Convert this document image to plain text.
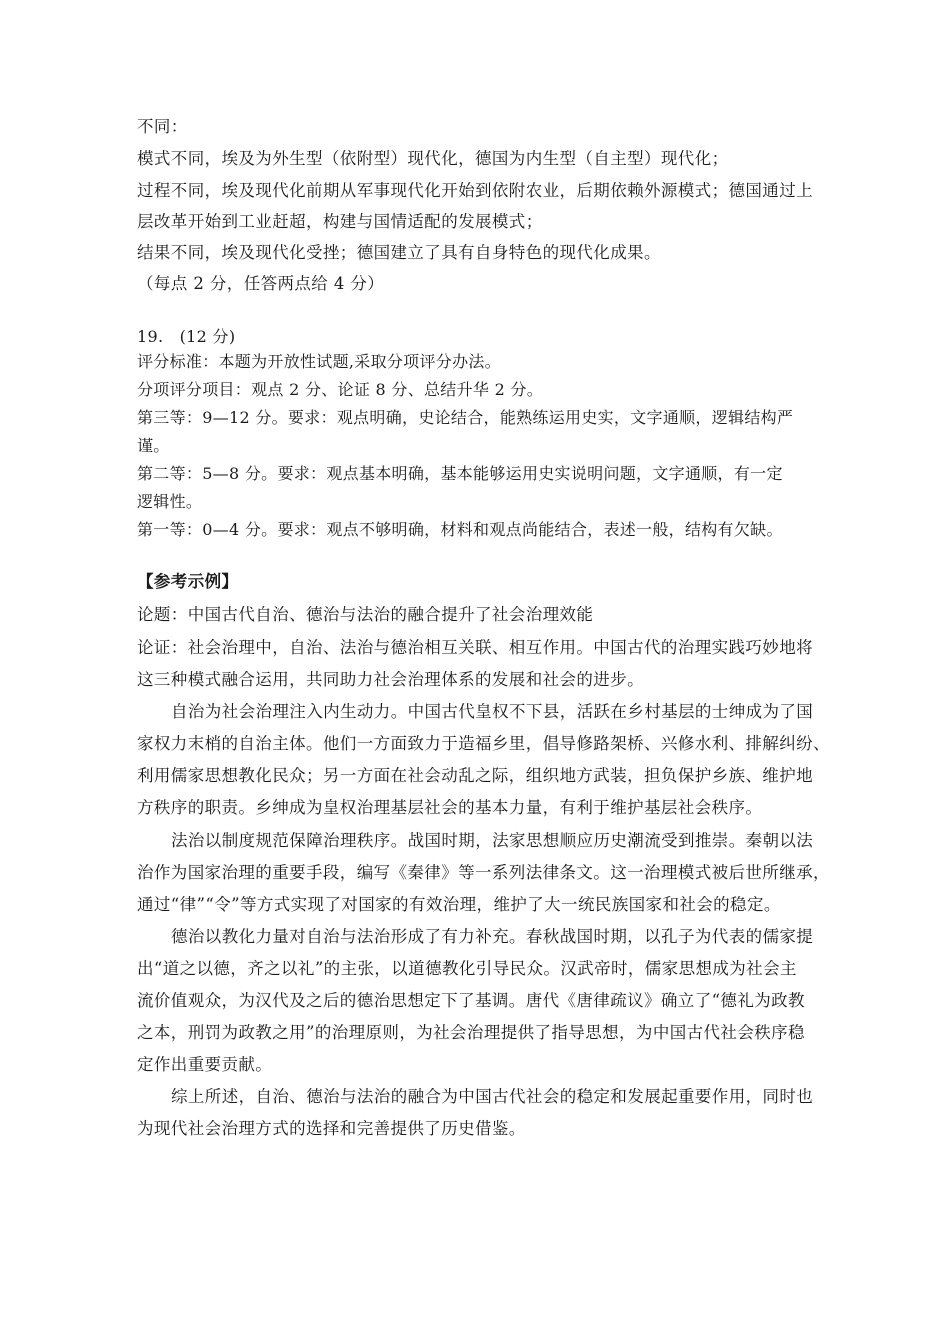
不同：
模式不同，埃及为外生型（依附型）现代化，德国为内生型（自主型）现代化；
过程不同，埃及现代化前期从军事现代化开始到依附农业，后期依赖外源模式；德国通过上
层改革开始到工业赶超，构建与国情适配的发展模式；
结果不同，埃及现代化受挫；德国建立了具有自身特色的现代化成果。
（每点 2 分，任答两点给 4 分）
19.　(12 分)
评分标准：本题为开放性试题,采取分项评分办法。
分项评分项目：观点 2 分、论证 8 分、总结升华 2 分。
第三等：9—12 分。要求：观点明确，史论结合，能熟练运用史实，文字通顺，逻辑结构严
谨。
第二等：5—8 分。要求：观点基本明确，基本能够运用史实说明问题，文字通顺，有一定
逻辑性。
第一等：0—4 分。要求：观点不够明确，材料和观点尚能结合，表述一般，结构有欠缺。
【参考示例】
论题：中国古代自治、德治与法治的融合提升了社会治理效能
论证：社会治理中，自治、法治与德治相互关联、相互作用。中国古代的治理实践巧妙地将
这三种模式融合运用，共同助力社会治理体系的发展和社会的进步。
自治为社会治理注入内生动力。中国古代皇权不下县，活跃在乡村基层的士绅成为了国
家权力末梢的自治主体。他们一方面致力于造福乡里，倡导修路架桥、兴修水利、排解纠纷、
利用儒家思想教化民众；另一方面在社会动乱之际，组织地方武装，担负保护乡族、维护地
方秩序的职责。乡绅成为皇权治理基层社会的基本力量，有利于维护基层社会秩序。
法治以制度规范保障治理秩序。战国时期，法家思想顺应历史潮流受到推崇。秦朝以法
治作为国家治理的重要手段，编写《秦律》等一系列法律条文。这一治理模式被后世所继承，
通过“律”“令”等方式实现了对国家的有效治理，维护了大一统民族国家和社会的稳定。
德治以教化力量对自治与法治形成了有力补充。春秋战国时期，以孔子为代表的儒家提
出“道之以德，齐之以礼”的主张，以道德教化引导民众。汉武帝时，儒家思想成为社会主
流价值观众，为汉代及之后的德治思想定下了基调。唐代《唐律疏议》确立了“德礼为政教
之本，刑罚为政教之用”的治理原则，为社会治理提供了指导思想，为中国古代社会秩序稳
定作出重要贡献。
综上所述，自治、德治与法治的融合为中国古代社会的稳定和发展起重要作用，同时也
为现代社会治理方式的选择和完善提供了历史借鉴。
